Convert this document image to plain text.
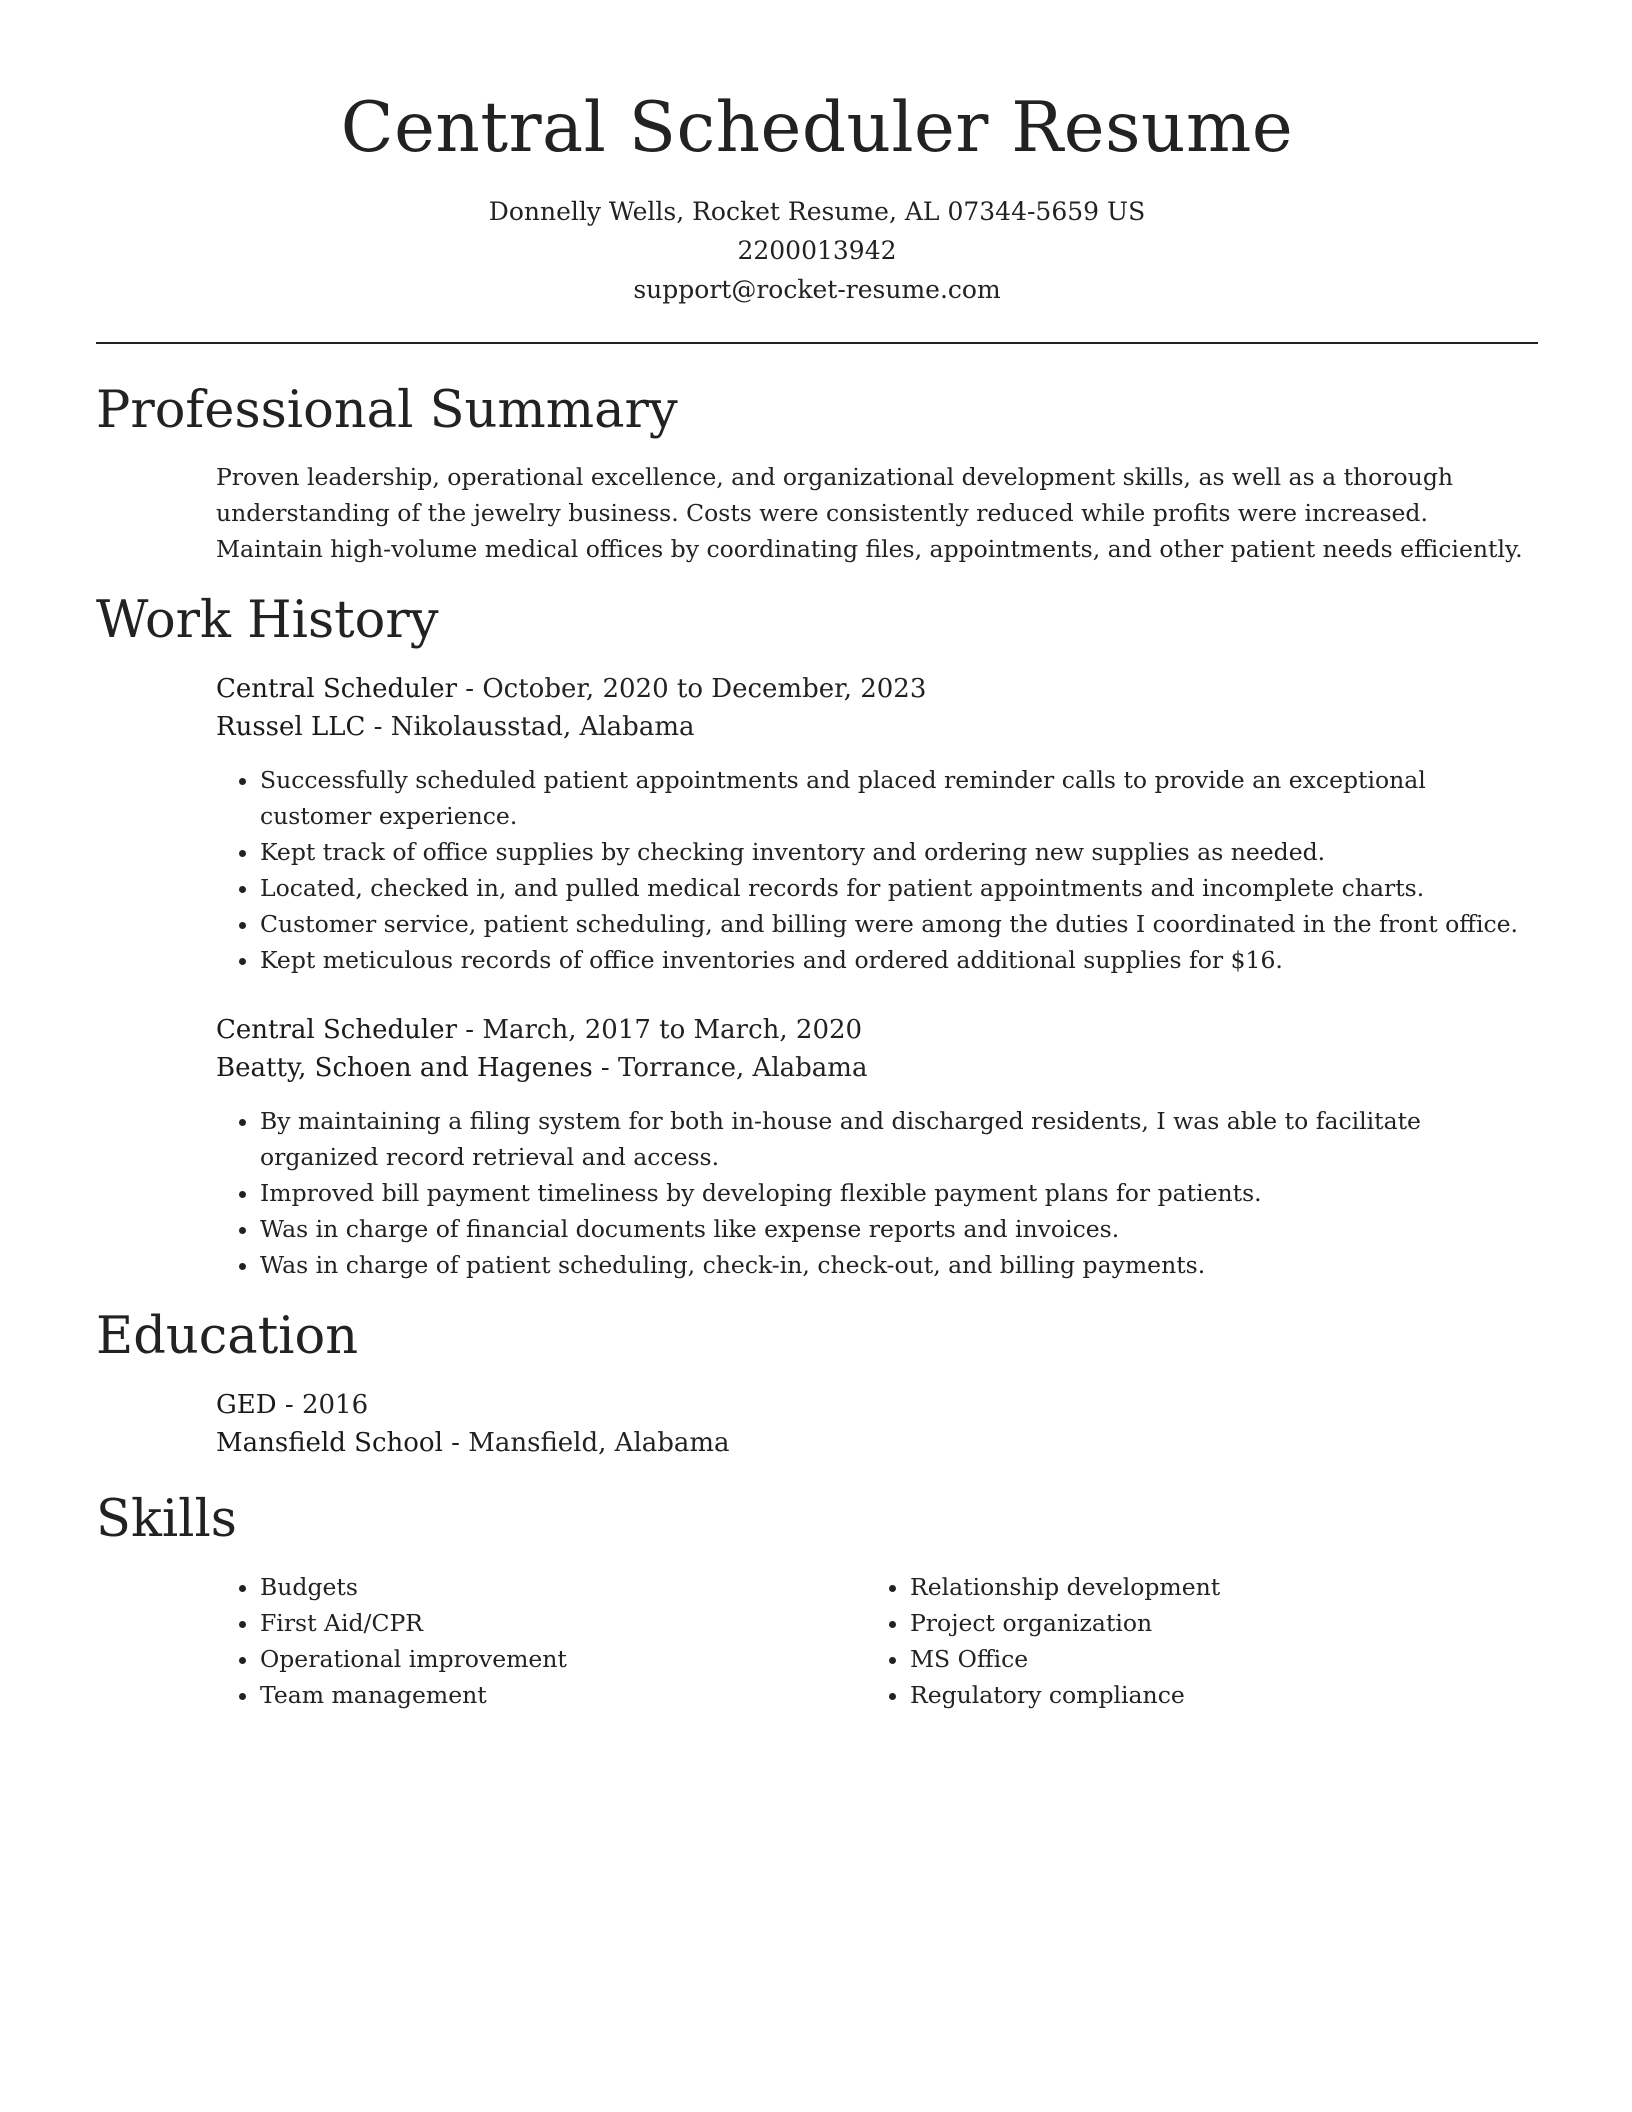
Central Scheduler Resume
Donnelly Wells, Rocket Resume, AL 07344-5659 US
2200013942
support@rocket-resume.com
Professional Summary

Proven leadership, operational excellence, and organizational development skills, as well as a thorough understanding of the jewelry business. Costs were consistently reduced while profits were increased. Maintain high-volume medical offices by coordinating files, appointments, and other patient needs efficiently.

Work History
Central Scheduler - October, 2020 to December, 2023
Russel LLC - Nikolausstad, Alabama
• Successfully scheduled patient appointments and placed reminder calls to provide an exceptional customer experience.
• Kept track of office supplies by checking inventory and ordering new supplies as needed.
• Located, checked in, and pulled medical records for patient appointments and incomplete charts.
• Customer service, patient scheduling, and billing were among the duties I coordinated in the front office.
• Kept meticulous records of office inventories and ordered additional supplies for $16.
Central Scheduler - March, 2017 to March, 2020
Beatty, Schoen and Hagenes - Torrance, Alabama
• By maintaining a filing system for both in-house and discharged residents, I was able to facilitate organized record retrieval and access.
• Improved bill payment timeliness by developing flexible payment plans for patients.
• Was in charge of financial documents like expense reports and invoices.
• Was in charge of patient scheduling, check-in, check-out, and billing payments.
Education
GED - 2016
Mansfield School - Mansfield, Alabama
Skills
• Budgets
• First Aid/CPR
• Operational improvement
• Team management
• Relationship development
• Project organization
• MS Office
• Regulatory compliance
